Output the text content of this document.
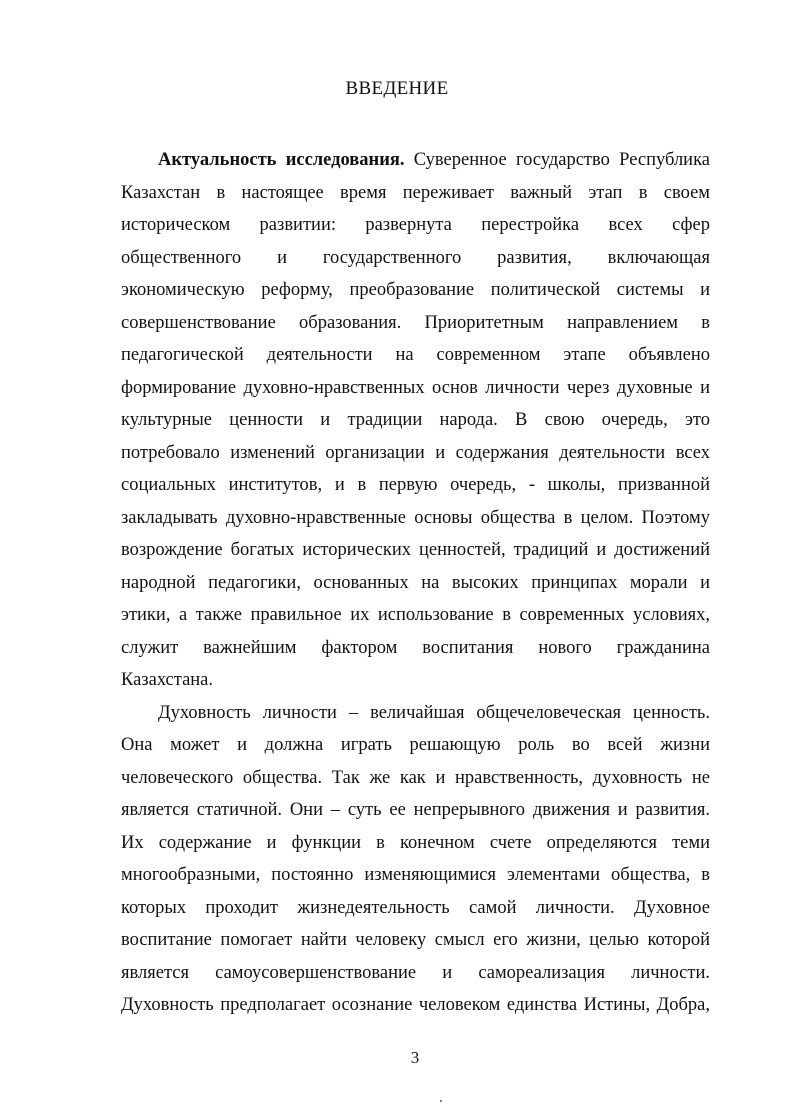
ВВЕДЕНИЕ
Актуальность исследования. Суверенное государство Республика
Казахстан в настоящее время переживает важный этап в своем
историческом развитии: развернута перестройка всех сфер
общественного и государственного развития, включающая
экономическую реформу, преобразование политической системы и
совершенствование образования. Приоритетным направлением в
педагогической деятельности на современном этапе объявлено
формирование духовно-нравственных основ личности через духовные и
культурные ценности и традиции народа. В свою очередь, это
потребовало изменений организации и содержания деятельности всех
социальных институтов, и в первую очередь, - школы, призванной
закладывать духовно-нравственные основы общества в целом. Поэтому
возрождение богатых исторических ценностей, традиций и достижений
народной педагогики, основанных на высоких принципах морали и
этики, а также правильное их использование в современных условиях,
служит важнейшим фактором воспитания нового гражданина
Казахстана.
Духовность личности – величайшая общечеловеческая ценность.
Она может и должна играть решающую роль во всей жизни
человеческого общества. Так же как и нравственность, духовность не
является статичной. Они – суть ее непрерывного движения и развития.
Их содержание и функции в конечном счете определяются теми
многообразными, постоянно изменяющимися элементами общества, в
которых проходит жизнедеятельность самой личности. Духовное
воспитание помогает найти человеку смысл его жизни, целью которой
является самоусовершенствование и самореализация личности.
Духовность предполагает осознание человеком единства Истины, Добра,
3
